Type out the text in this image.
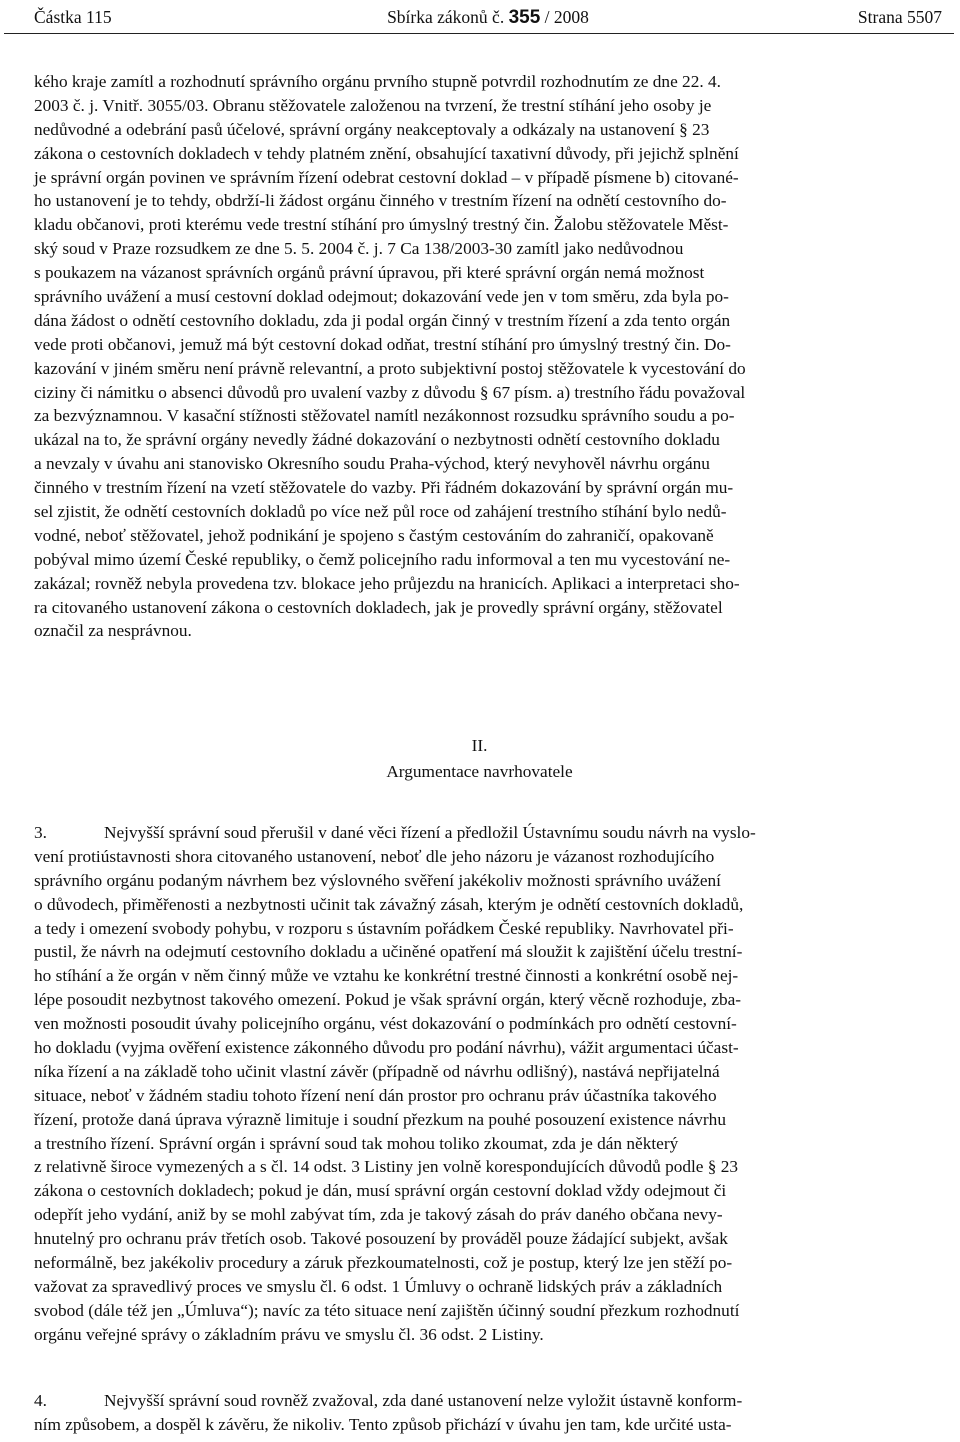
Částka 115	Sbírka zákonů č. 355 / 2008	Strana 5507
kého kraje zamítl a rozhodnutí správního orgánu prvního stupně potvrdil rozhodnutím ze dne 22. 4.
2003 č. j. Vnitř. 3055/03. Obranu stěžovatele založenou na tvrzení, že trestní stíhání jeho osoby je
nedůvodné a odebrání pasů účelové, správní orgány neakceptovaly a odkázaly na ustanovení § 23
zákona o cestovních dokladech v tehdy platném znění, obsahující taxativní důvody, při jejichž splnění
je správní orgán povinen ve správním řízení odebrat cestovní doklad – v případě písmene b) citované-
ho ustanovení je to tehdy, obdrží-li žádost orgánu činného v trestním řízení na odnětí cestovního do-
kladu občanovi, proti kterému vede trestní stíhání pro úmyslný trestný čin. Žalobu stěžovatele Měst-
ský soud v Praze rozsudkem ze dne 5. 5. 2004 č. j. 7 Ca 138/2003-30 zamítl jako nedůvodnou
s poukazem na vázanost správních orgánů právní úpravou, při které správní orgán nemá možnost
správního uvážení a musí cestovní doklad odejmout; dokazování vede jen v tom směru, zda byla po-
dána žádost o odnětí cestovního dokladu, zda ji podal orgán činný v trestním řízení a zda tento orgán
vede proti občanovi, jemuž má být cestovní dokad odňat, trestní stíhání pro úmyslný trestný čin. Do-
kazování v jiném směru není právně relevantní, a proto subjektivní postoj stěžovatele k vycestování do
ciziny či námitku o absenci důvodů pro uvalení vazby z důvodu § 67 písm. a) trestního řádu považoval
za bezvýznamnou. V kasační stížnosti stěžovatel namítl nezákonnost rozsudku správního soudu a po-
ukázal na to, že správní orgány nevedly žádné dokazování o nezbytnosti odnětí cestovního dokladu
a nevzaly v úvahu ani stanovisko Okresního soudu Praha-východ, který nevyhověl návrhu orgánu
činného v trestním řízení na vzetí stěžovatele do vazby. Při řádném dokazování by správní orgán mu-
sel zjistit, že odnětí cestovních dokladů po více než půl roce od zahájení trestního stíhání bylo nedů-
vodné, neboť stěžovatel, jehož podnikání je spojeno s častým cestováním do zahraničí, opakovaně
pobýval mimo území České republiky, o čemž policejního radu informoval a ten mu vycestování ne-
zakázal; rovněž nebyla provedena tzv. blokace jeho průjezdu na hranicích. Aplikaci a interpretaci sho-
ra citovaného ustanovení zákona o cestovních dokladech, jak je provedly správní orgány, stěžovatel
označil za nesprávnou.
II.
Argumentace navrhovatele
3.	Nejvyšší správní soud přerušil v dané věci řízení a předložil Ústavnímu soudu návrh na vyslo-
vení protiústavnosti shora citovaného ustanovení, neboť dle jeho názoru je vázanost rozhodujícího
správního orgánu podaným návrhem bez výslovného svěření jakékoliv možnosti správního uvážení
o důvodech, přiměřenosti a nezbytnosti učinit tak závažný zásah, kterým je odnětí cestovních dokladů,
a tedy i omezení svobody pohybu, v rozporu s ústavním pořádkem České republiky. Navrhovatel při-
pustil, že návrh na odejmutí cestovního dokladu a učiněné opatření má sloužit k zajištění účelu trestní-
ho stíhání a že orgán v něm činný může ve vztahu ke konkrétní trestné činnosti a konkrétní osobě nej-
lépe posoudit nezbytnost takového omezení. Pokud je však správní orgán, který věcně rozhoduje, zba-
ven možnosti posoudit úvahy policejního orgánu, vést dokazování o podmínkách pro odnětí cestovní-
ho dokladu (vyjma ověření existence zákonného důvodu pro podání návrhu), vážit argumentaci účast-
níka řízení a na základě toho učinit vlastní závěr (případně od návrhu odlišný), nastává nepřijatelná
situace, neboť v žádném stadiu tohoto řízení není dán prostor pro ochranu práv účastníka takového
řízení, protože daná úprava výrazně limituje i soudní přezkum na pouhé posouzení existence návrhu
a trestního řízení. Správní orgán i správní soud tak mohou toliko zkoumat, zda je dán některý
z relativně široce vymezených a s čl. 14 odst. 3 Listiny jen volně korespondujících důvodů podle § 23
zákona o cestovních dokladech; pokud je dán, musí správní orgán cestovní doklad vždy odejmout či
odepřít jeho vydání, aniž by se mohl zabývat tím, zda je takový zásah do práv daného občana nevy-
hnutelný pro ochranu práv třetích osob. Takové posouzení by prováděl pouze žádající subjekt, avšak
neformálně, bez jakékoliv procedury a záruk přezkoumatelnosti, což je postup, který lze jen stěží po-
važovat za spravedlivý proces ve smyslu čl. 6 odst. 1 Úmluvy o ochraně lidských práv a základních
svobod (dále též jen „Úmluva“); navíc za této situace není zajištěn účinný soudní přezkum rozhodnutí
orgánu veřejné správy o základním právu ve smyslu čl. 36 odst. 2 Listiny.
4.	Nejvyšší správní soud rovněž zvažoval, zda dané ustanovení nelze vyložit ústavně konform-
ním způsobem, a dospěl k závěru, že nikoliv. Tento způsob přichází v úvahu jen tam, kde určité usta-
